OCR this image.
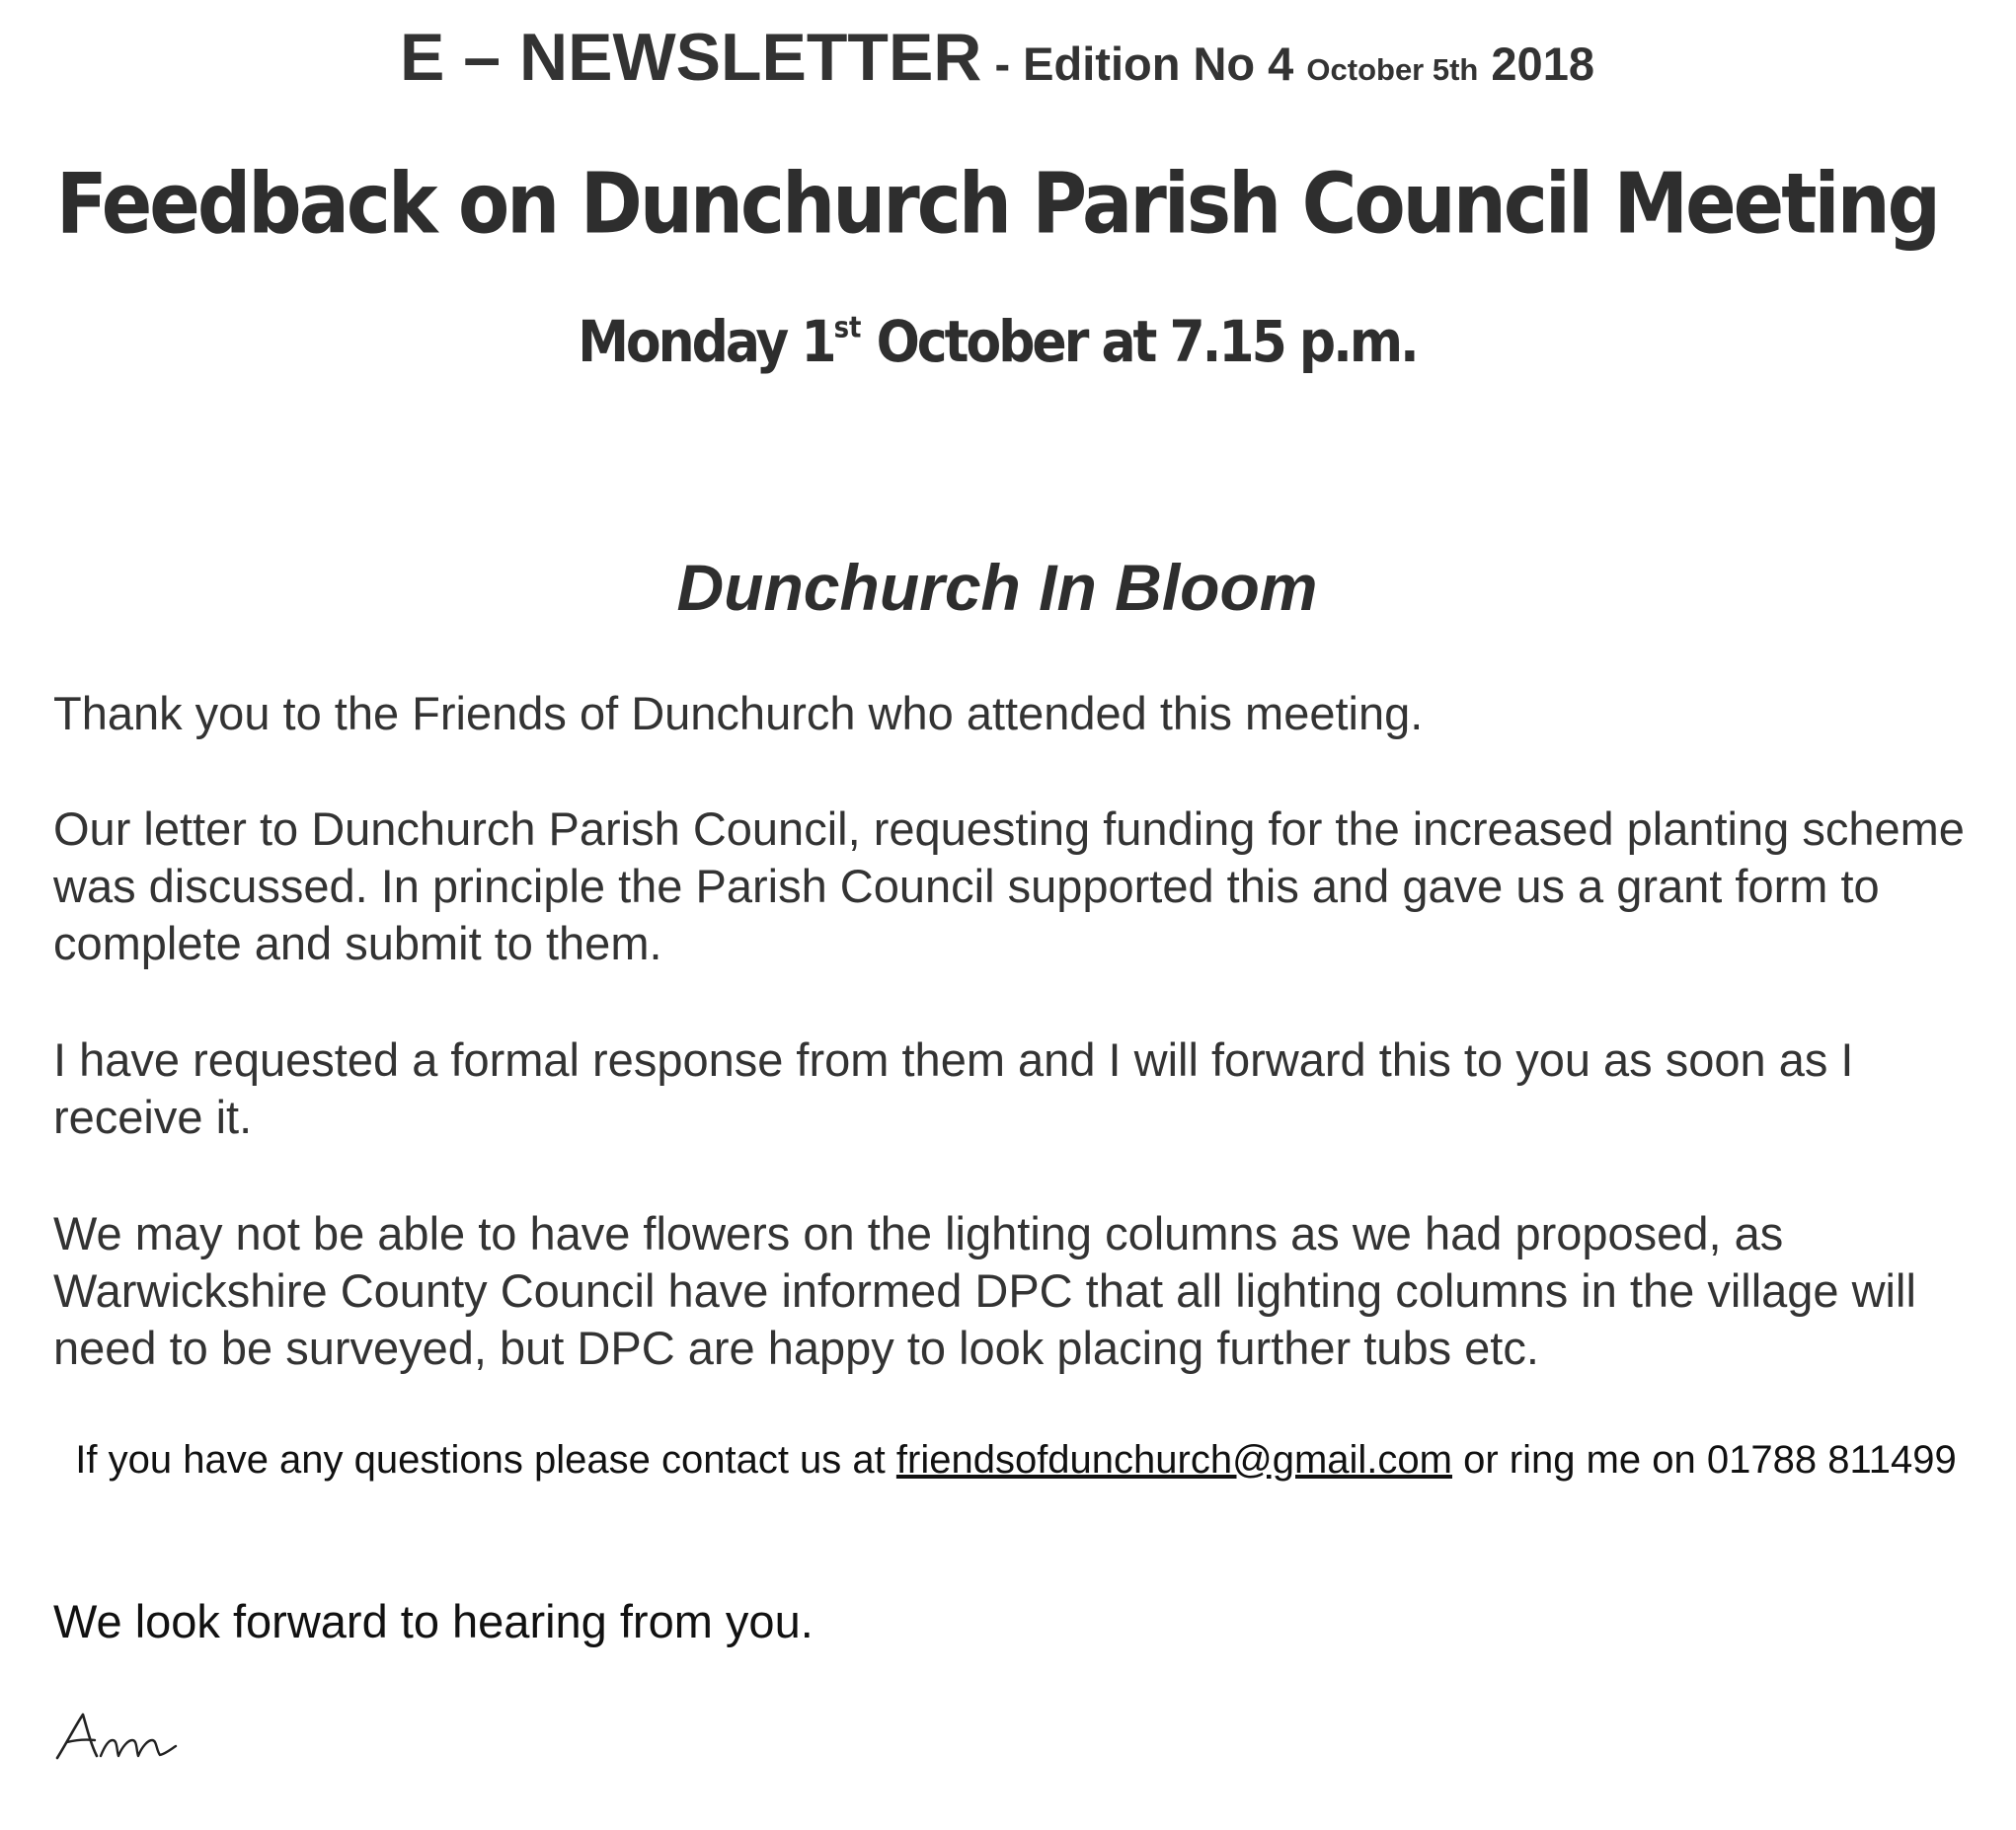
E – NEWSLETTER - Edition No 4 October 5th 2018
Feedback on Dunchurch Parish Council Meeting
Monday 1st October at 7.15 p.m.
Dunchurch In Bloom

Thank you to the Friends of Dunchurch who attended this meeting.

Our letter to Dunchurch Parish Council, requesting funding for the increased planting scheme was discussed. In principle the Parish Council supported this and gave us a grant form to complete and submit to them.

I have requested a formal response from them and I will forward this to you as soon as I receive it.

We may not be able to have flowers on the lighting columns as we had proposed, as Warwickshire County Council have informed DPC that all lighting columns in the village will need to be surveyed, but DPC are happy to look placing further tubs etc.

If you have any questions please contact us at friendsofdunchurch@gmail.com or ring me on 01788 811499
We look forward to hearing from you.
